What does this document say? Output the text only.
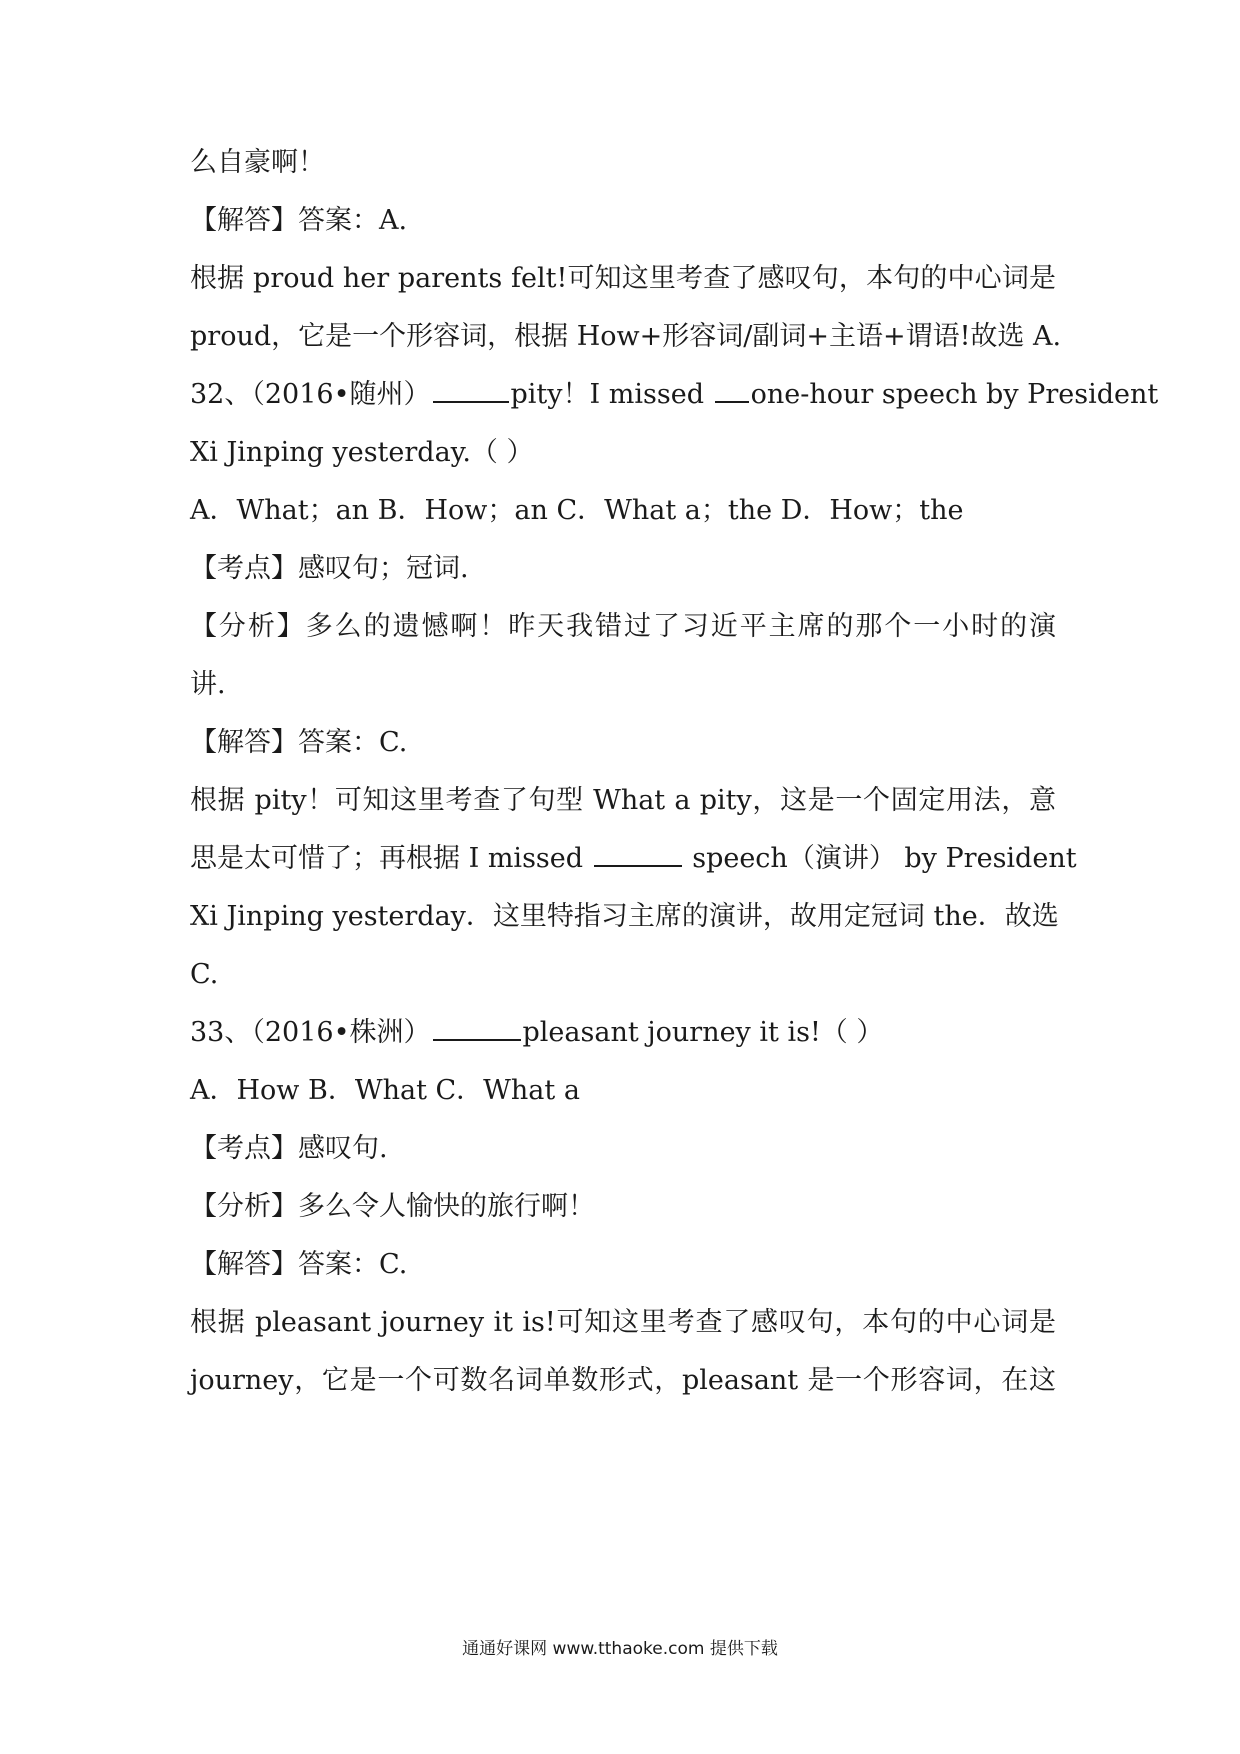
么自豪啊！
【解答】答案：A.
根据 proud her parents felt!可知这里考查了感叹句，本句的中心词是
proud，它是一个形容词，根据 How+形容词/副词+主语+谓语!故选 A.
32、（2016•随州）	pity！I missed one-hour speech by President
Xi Jinping yesterday.（ ）
A．What；an B．How；an C．What a；the D．How；the
【考点】感叹句；冠词.
【分析】多么的遗憾啊！昨天我错过了习近平主席的那个一小时的演
讲.
【解答】答案：C.
根据 pity！可知这里考查了句型 What a pity，这是一个固定用法，意
思是太可惜了；再根据 I missed	speech（演讲） by President
Xi Jinping yesterday．这里特指习主席的演讲，故用定冠词 the．故选
C.
33、（2016•株洲）	pleasant journey it is!（ ）
A．How B．What C．What a
【考点】感叹句.
【分析】多么令人愉快的旅行啊！
【解答】答案：C.
根据 pleasant journey it is!可知这里考查了感叹句，本句的中心词是
journey，它是一个可数名词单数形式，pleasant 是一个形容词，在这
通通好课网 www.tthaoke.com 提供下载
